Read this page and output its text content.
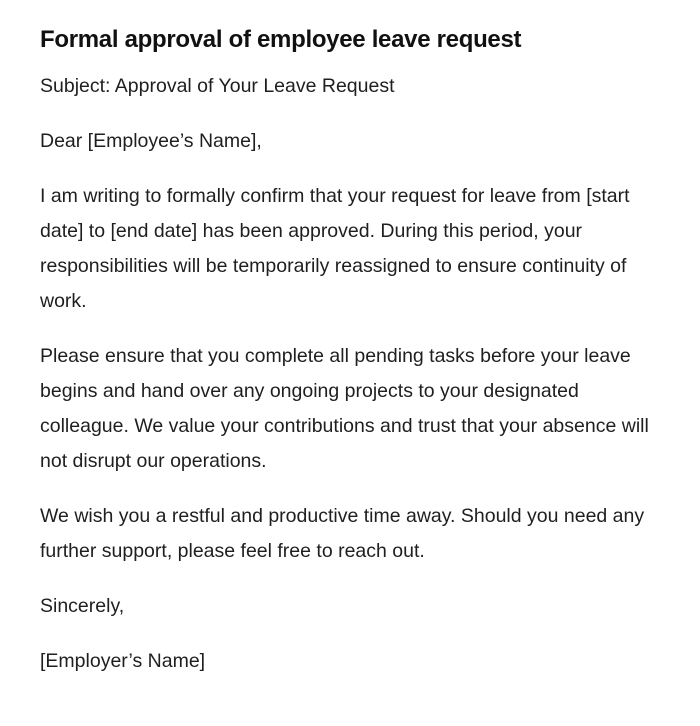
Formal approval of employee leave request

Subject: Approval of Your Leave Request

Dear [Employee’s Name],

I am writing to formally confirm that your request for leave from [start date] to [end date] has been approved. During this period, your responsibilities will be temporarily reassigned to ensure continuity of work.

Please ensure that you complete all pending tasks before your leave begins and hand over any ongoing projects to your designated colleague. We value your contributions and trust that your absence will not disrupt our operations.

We wish you a restful and productive time away. Should you need any further support, please feel free to reach out.

Sincerely,

[Employer’s Name]
